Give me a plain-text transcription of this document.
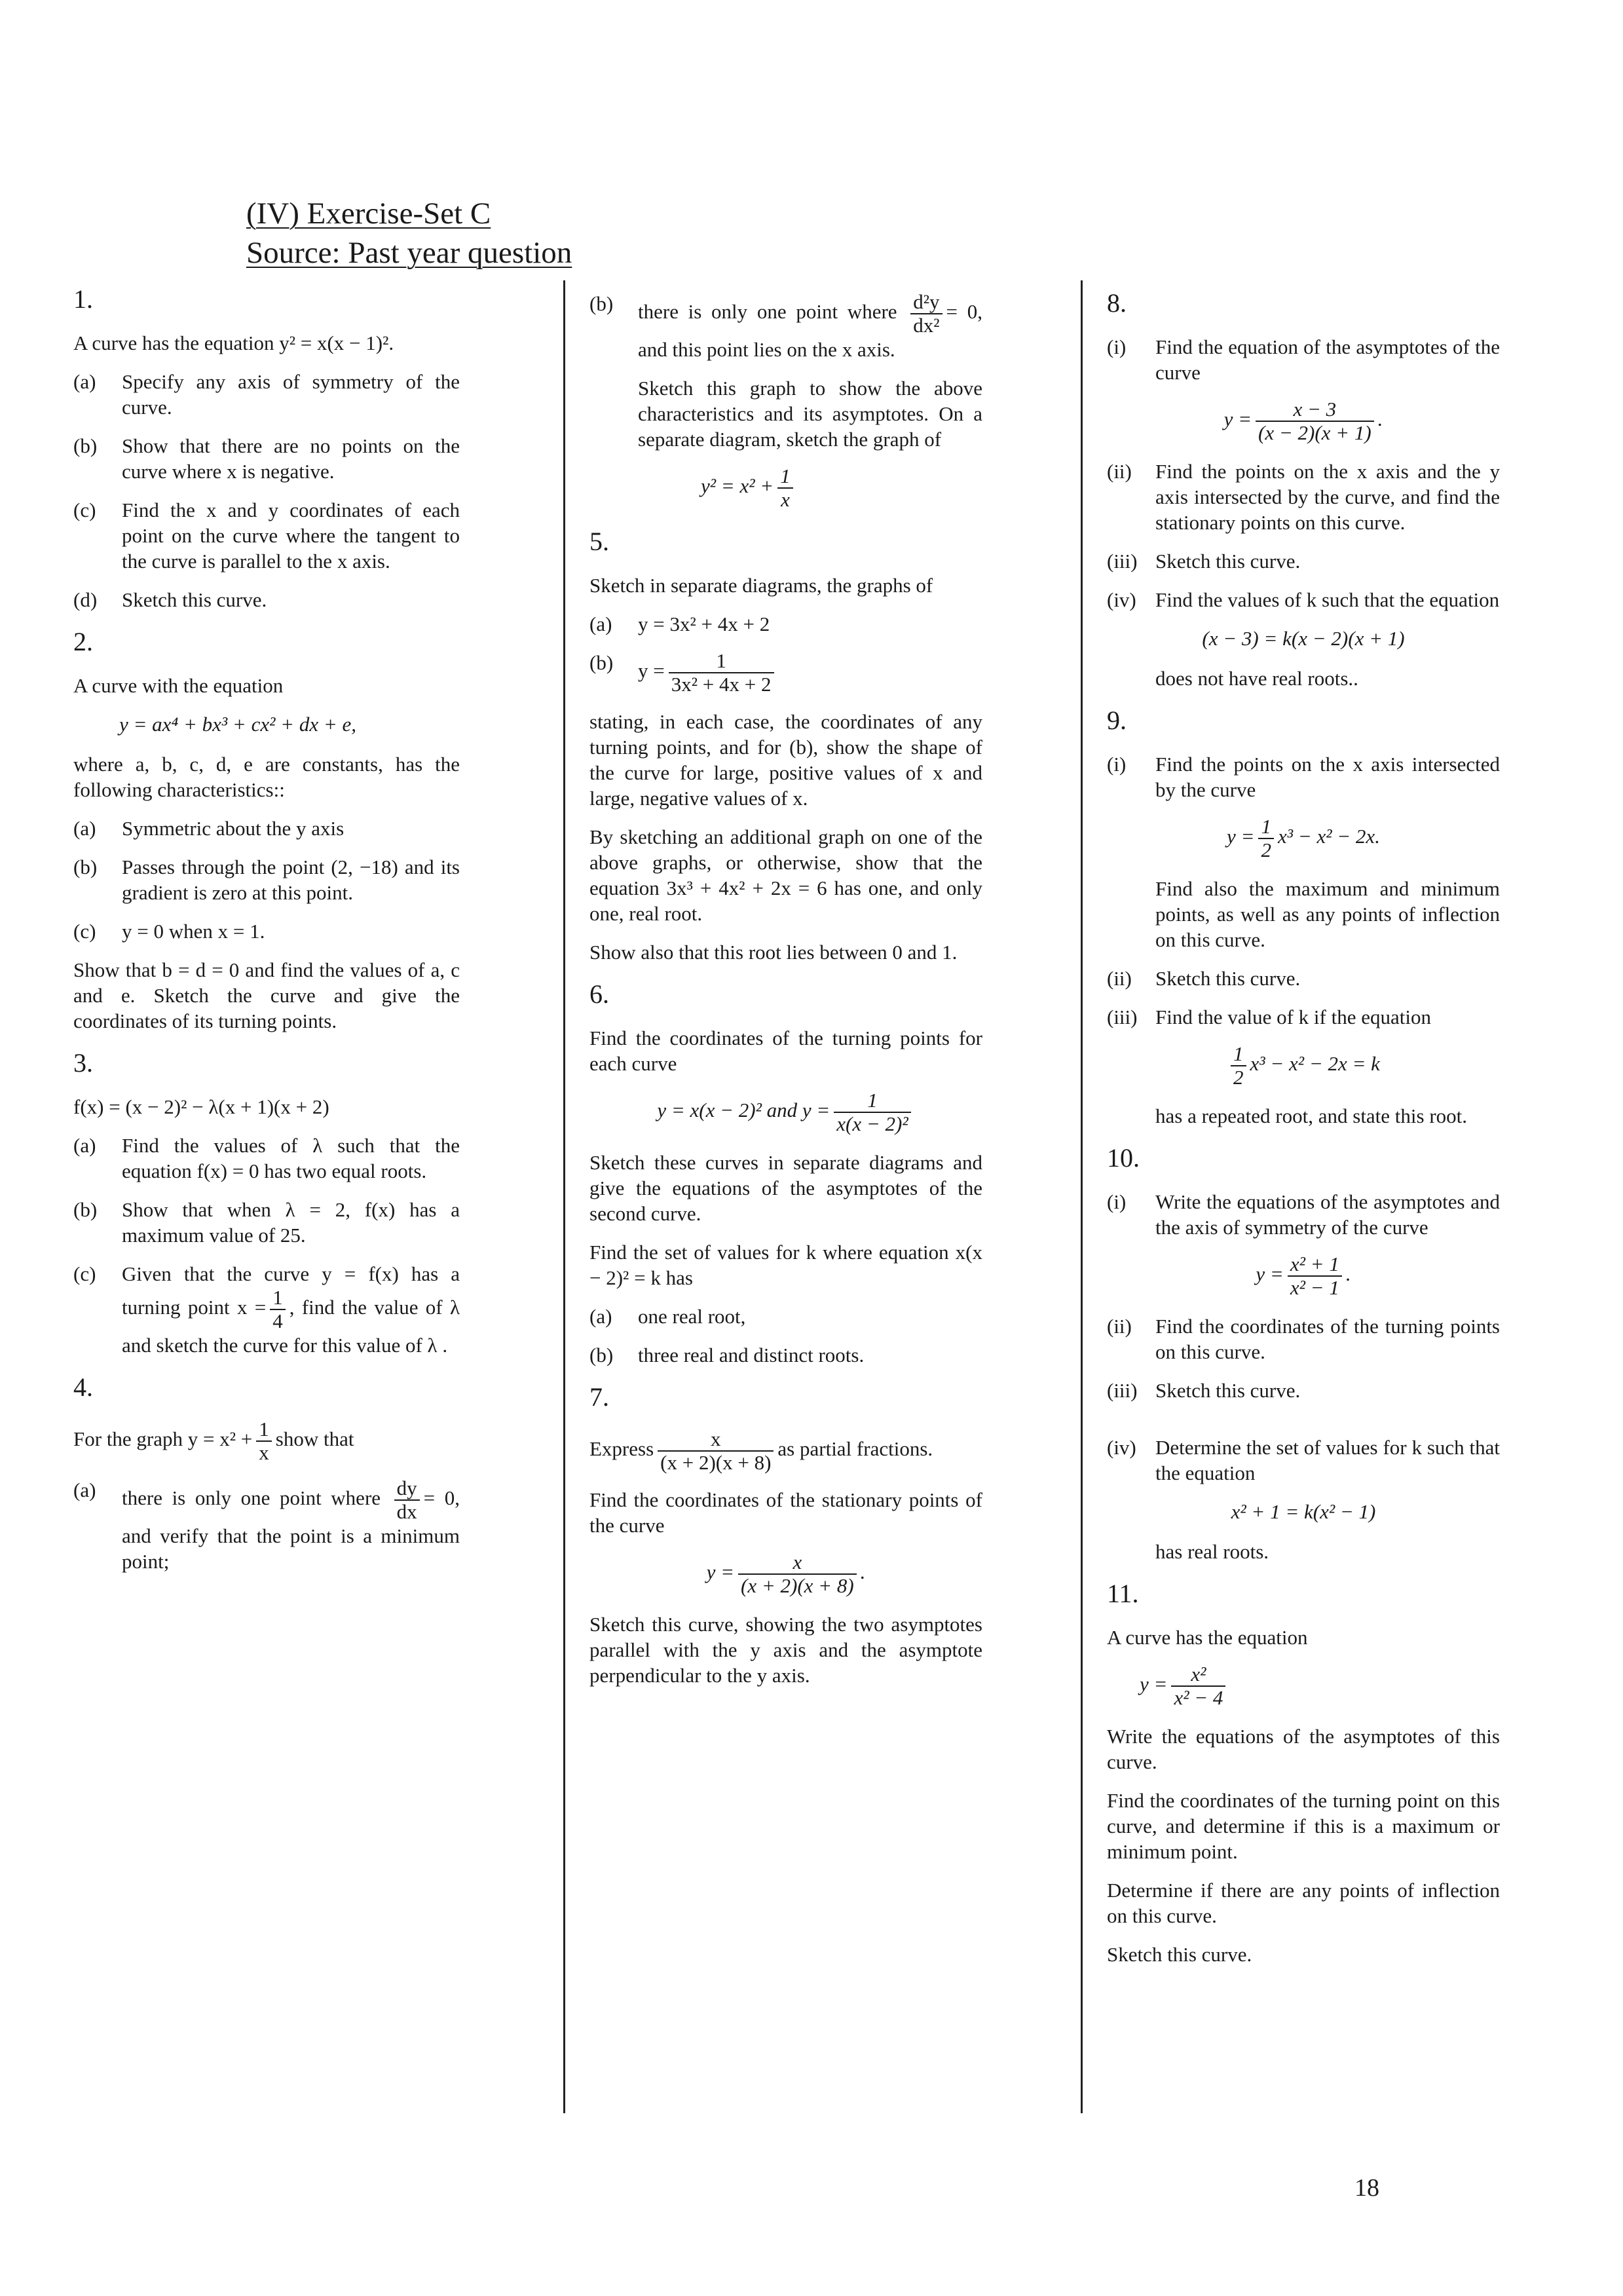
(IV) Exercise-Set C
Source: Past year question
1.

A curve has the equation y² = x(x − 1)².

(a)	Specify any axis of symmetry of the curve.
(b)	Show that there are no points on the curve where x is negative.
(c)	Find the x and y coordinates of each point on the curve where the tangent to the curve is parallel to the x axis.
(d)	Sketch this curve.
2.

A curve with the equation

y = ax⁴ + bx³ + cx² + dx + e,

where a, b, c, d, e are constants, has the following characteristics::

(a)	Symmetric about the y axis
(b)	Passes through the point (2, −18) and its gradient is zero at this point.
(c)	y = 0 when x = 1.

Show that b = d = 0 and find the values of a, c and e. Sketch the curve and give the coordinates of its turning points.

3.

f(x) = (x − 2)² − λ(x + 1)(x + 2)

(a)	Find the values of λ such that the equation f(x) = 0 has two equal roots.
(b)	Show that when λ = 2, f(x) has a maximum value of 25.
(c)	Given that the curve y = f(x) has a turning point $x = \frac{1}{4}$ , find the value of λ and sketch the curve for this value of λ .
4.

For the graph $y = x^2 + \frac{1}{x}$ show that

(a)	there is only one point where $\frac{dy}{dx} = 0$, and verify that the point is a minimum point;
(b)	there is only one point where $\frac{\text{d²y}}{\text{dx²}} = 0$, and this point lies on the x axis.

Sketch this graph to show the above characteristics and its asymptotes. On a separate diagram, sketch the graph of

$y^2 = x^2 + \frac{1}{x}$
5.

Sketch in separate diagrams, the graphs of

(a)	y = 3x² + 4x + 2
(b)	$y = \frac{1}{\text{3x² + 4x + 2}}$

stating, in each case, the coordinates of any turning points, and for (b), show the shape of the curve for large, positive values of x and large, negative values of x.

By sketching an additional graph on one of the above graphs, or otherwise, show that the equation 3x³ + 4x² + 2x = 6 has one, and only one, real root.

Show also that this root lies between 0 and 1.

6.

Find the coordinates of the turning points for each curve

y = x(x − 2)² and $y = \frac{1}{\text{x(x − 2)²}}$

Sketch these curves in separate diagrams and give the equations of the asymptotes of the second curve.

Find the set of values for k where equation x(x − 2)² = k has

(a)	one real root,
(b)	three real and distinct roots.
7.

Express $\frac{x}{(x + 2)(x + 8)}$ as partial fractions.

Find the coordinates of the stationary points of the curve

$y = \frac{x}{(x + 2)(x + 8)}$ .

Sketch this curve, showing the two asymptotes parallel with the y axis and the asymptote perpendicular to the y axis.

8.
(i)	Find the equation of the asymptotes of the curve
$y = \frac{x - 3}{(x - 2)(x + 1)}$ .
(ii)	Find the points on the x axis and the y axis intersected by the curve, and find the stationary points on this curve.
(iii) Sketch this curve.
(iv) Find the values of k such that the equation
(x − 3) = k(x − 2)(x + 1)

does not have real roots..

9.
(i)	Find the points on the x axis intersected by the curve
$y = \frac{1}{2} x^3 - x^2 - 2x$.

Find also the maximum and minimum points, as well as any points of inflection on this curve.

(ii)	Sketch this curve.
(iii) Find the value of k if the equation
$\frac{1}{2} x^3 - x^2 - 2x = k$

has a repeated root, and state this root.

10.
(i)	Write the equations of the asymptotes and the axis of symmetry of the curve
$y = \frac{\text{x² + 1}}{\text{x² − 1}}$ .
(ii)	Find the coordinates of the turning points on this curve.
(iii) Sketch this curve.
(iv) Determine the set of values for k such that the equation
x² + 1 = k(x² − 1)

has real roots.

11.

A curve has the equation

$y = \frac{\text{x²}}{\text{x² − 4}}$

Write the equations of the asymptotes of this curve.

Find the coordinates of the turning point on this curve, and determine if this is a maximum or minimum point.

Determine if there are any points of inflection on this curve.

Sketch this curve.

18
